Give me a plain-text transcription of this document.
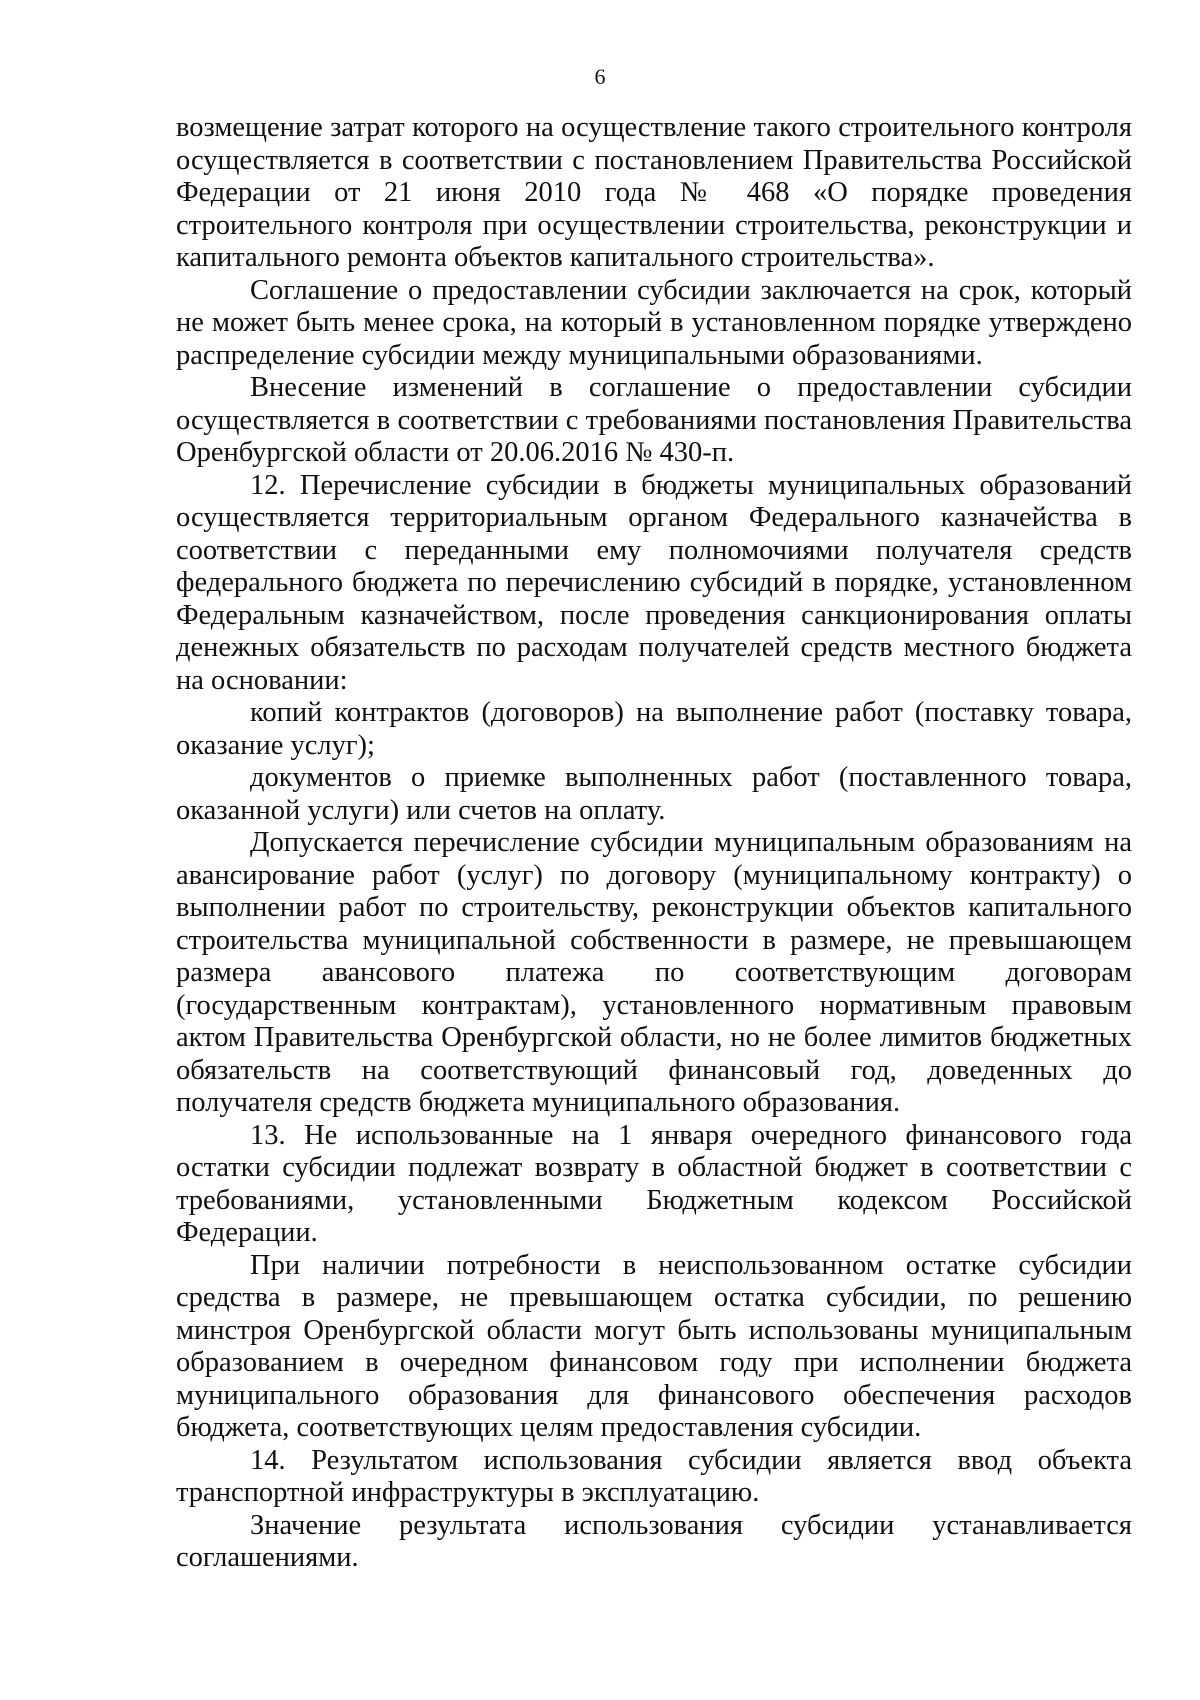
6

возмещение затрат которого на осуществление такого строительного контроля осуществляется в соответствии с постановлением Правительства Российской Федерации от 21 июня 2010 года № 468 «О порядке проведения строительного контроля при осуществлении строительства, реконструкции и капитального ремонта объектов капитального строительства».

Соглашение о предоставлении субсидии заключается на срок, который не может быть менее срока, на который в установленном порядке утверждено распределение субсидии между муниципальными образованиями.

Внесение изменений в соглашение о предоставлении субсидии осуществляется в соответствии с требованиями постановления Правительства Оренбургской области от 20.06.2016 № 430-п.

12. Перечисление субсидии в бюджеты муниципальных образований осуществляется территориальным органом Федерального казначейства в соответствии с переданными ему полномочиями получателя средств федерального бюджета по перечислению субсидий в порядке, установленном Федеральным казначейством, после проведения санкционирования оплаты денежных обязательств по расходам получателей средств местного бюджета на основании:

копий контрактов (договоров) на выполнение работ (поставку товара, оказание услуг);

документов о приемке выполненных работ (поставленного товара, оказанной услуги) или счетов на оплату.

Допускается перечисление субсидии муниципальным образованиям на авансирование работ (услуг) по договору (муниципальному контракту) о выполнении работ по строительству, реконструкции объектов капитального строительства муниципальной собственности в размере, не превышающем размера авансового платежа по соответствующим договорам (государственным контрактам), установленного нормативным правовым актом Правительства Оренбургской области, но не более лимитов бюджетных обязательств на соответствующий финансовый год, доведенных до получателя средств бюджета муниципального образования.

13. Не использованные на 1 января очередного финансового года остатки субсидии подлежат возврату в областной бюджет в соответствии с требованиями, установленными Бюджетным кодексом Российской Федерации.

При наличии потребности в неиспользованном остатке субсидии средства в размере, не превышающем остатка субсидии, по решению минстроя Оренбургской области могут быть использованы муниципальным образованием в очередном финансовом году при исполнении бюджета муниципального образования для финансового обеспечения расходов бюджета, соответствующих целям предоставления субсидии.

14. Результатом использования субсидии является ввод объекта транспортной инфраструктуры в эксплуатацию.

Значение результата использования субсидии устанавливается соглашениями.
